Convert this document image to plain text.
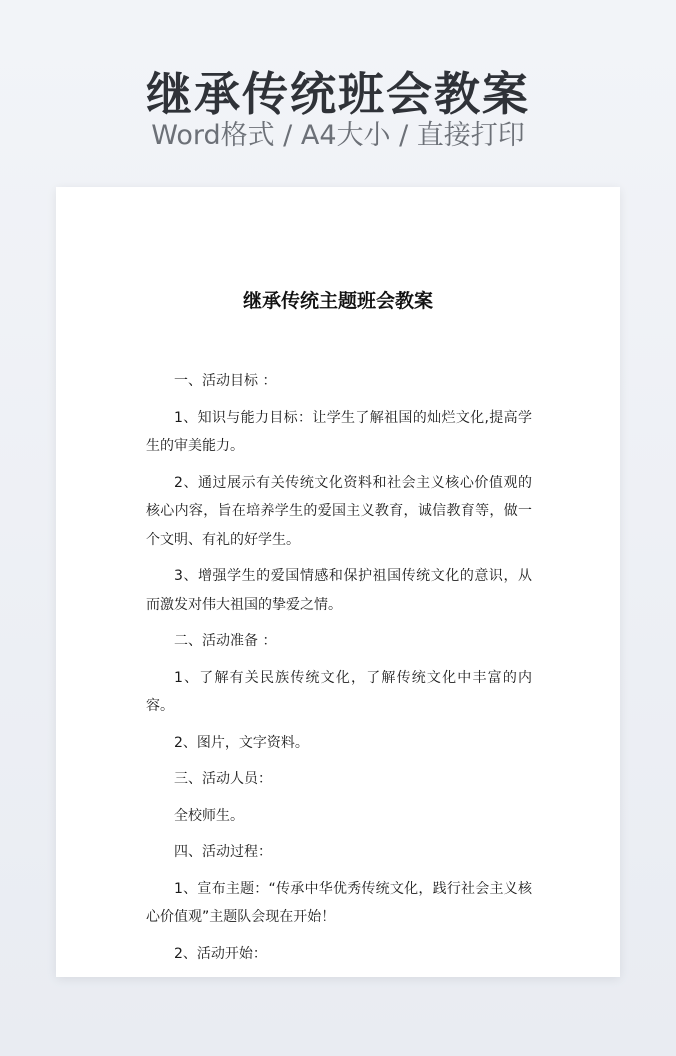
继承传统班会教案
Word格式 / A4大小 / 直接打印
继承传统主题班会教案

一、活动目标 ：

1、知识与能力目标：让学生了解祖国的灿烂文化,提高学生的审美能力。

2、通过展示有关传统文化资料和社会主义核心价值观的核心内容，旨在培养学生的爱国主义教育，诚信教育等，做一个文明、有礼的好学生。

3、增强学生的爱国情感和保护祖国传统文化的意识，从而激发对伟大祖国的挚爱之情。

二、活动准备 ：

1、了解有关民族传统文化，了解传统文化中丰富的内容。

2、图片，文字资料。

三、活动人员：

全校师生。

四、活动过程：

1、宣布主题：“传承中华优秀传统文化，践行社会主义核心价值观”主题队会现在开始！

2、活动开始：
